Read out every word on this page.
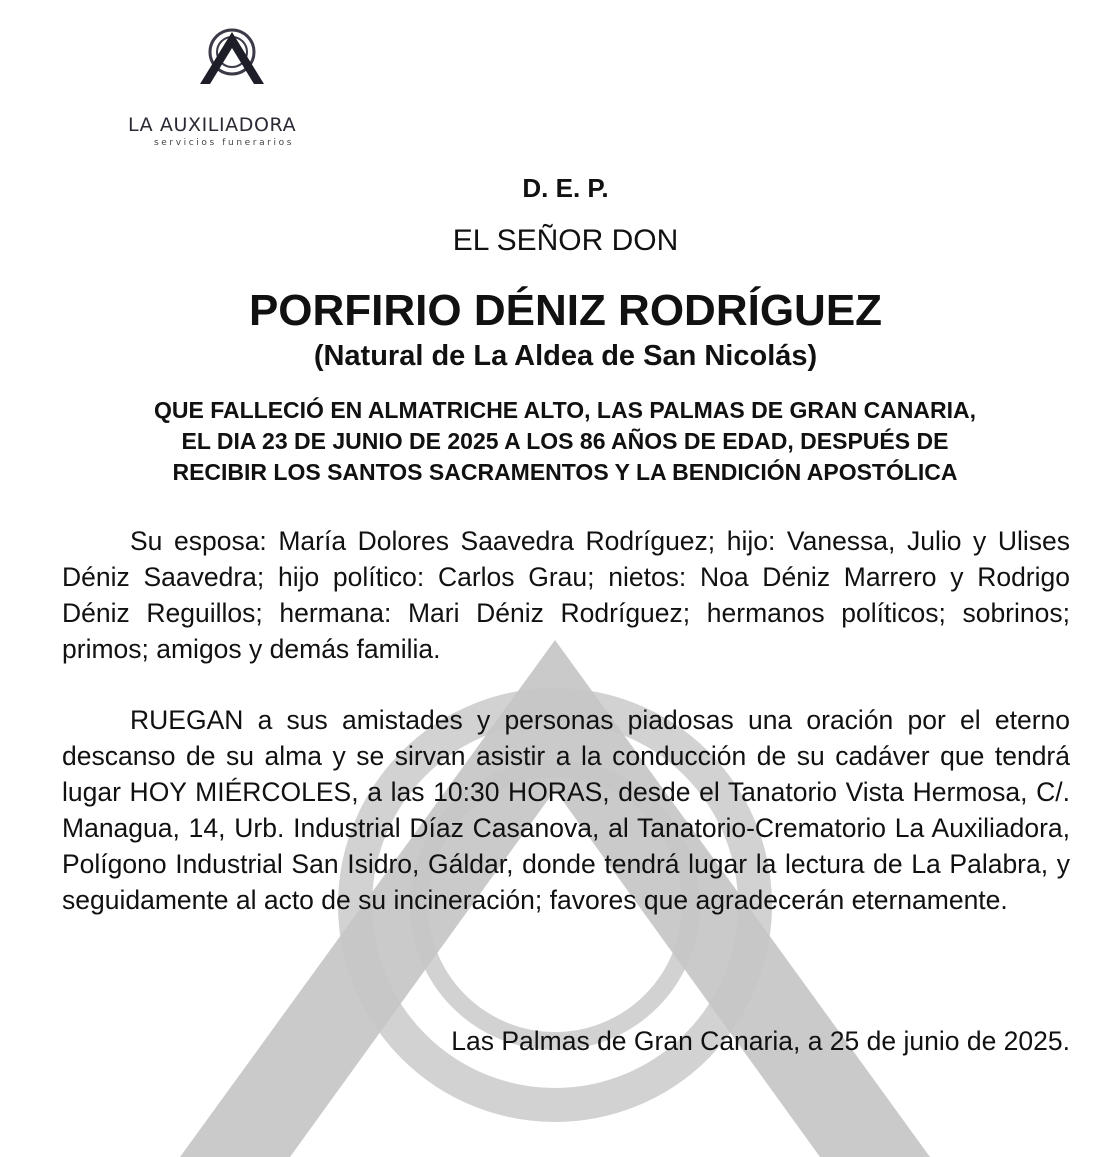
LA AUXILIADORA
servicios funerarios
D. E. P.
EL SEÑOR DON
PORFIRIO DÉNIZ RODRÍGUEZ
(Natural de La Aldea de San Nicolás)
QUE FALLECIÓ EN ALMATRICHE ALTO, LAS PALMAS DE GRAN CANARIA,
EL DIA 23 DE JUNIO DE 2025 A LOS 86 AÑOS DE EDAD, DESPUÉS DE
RECIBIR LOS SANTOS SACRAMENTOS Y LA BENDICIÓN APOSTÓLICA
Su esposa: María Dolores Saavedra Rodríguez; hijo: Vanessa, Julio y Ulises Déniz Saavedra; hijo político: Carlos Grau; nietos: Noa Déniz Marrero y Rodrigo Déniz Reguillos; hermana: Mari Déniz Rodríguez; hermanos políticos; sobrinos; primos; amigos y demás familia.
RUEGAN a sus amistades y personas piadosas una oración por el eterno descanso de su alma y se sirvan asistir a la conducción de su cadáver que tendrá lugar HOY MIÉRCOLES, a las 10:30 HORAS, desde el Tanatorio Vista Hermosa, C/. Managua, 14, Urb. Industrial Díaz Casanova, al Tanatorio-Crematorio La Auxiliadora, Polígono Industrial San Isidro, Gáldar, donde tendrá lugar la lectura de La Palabra, y seguidamente al acto de su incineración; favores que agradecerán eternamente.
Las Palmas de Gran Canaria, a 25 de junio de 2025.
